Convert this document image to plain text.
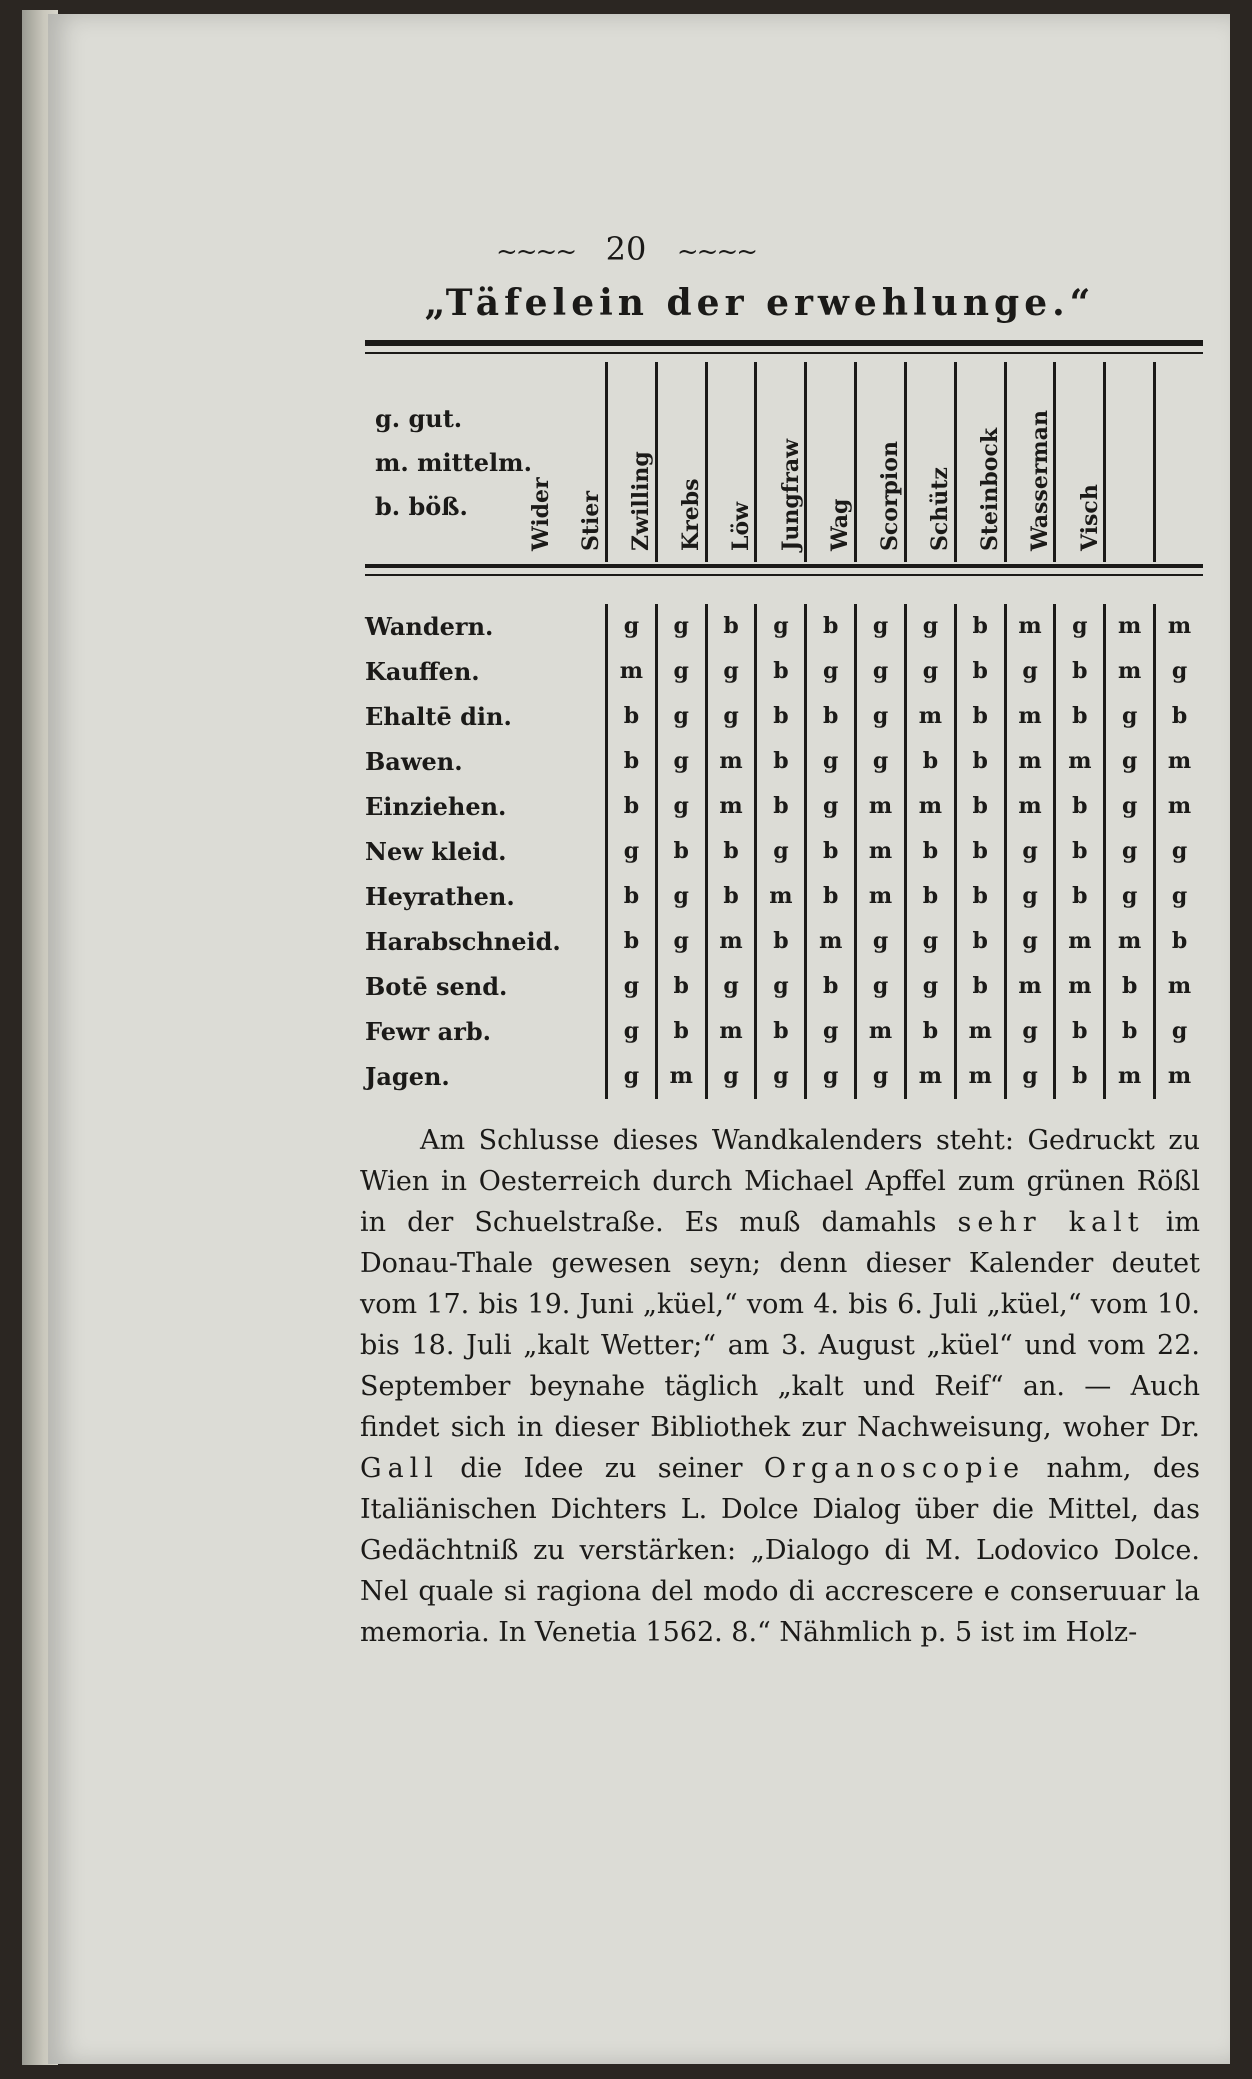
~~~~ 20 ~~~~
„Täfelein der erwehlunge.“
g. gut.
m. mittelm.
b. böß.	Wider Stier Zwilling Krebs Löw Jungfraw Wag Scorpion Schütz Steinbock Wasserman Visch
Wandern.	g	g	b	g	b	g	g	b	m	g	m	m
Kauffen.	m	g	g	b	g	g	g	b	g	b	m	g
Ehaltē din.	b	g	g	b	b	g	m	b	m	b	g	b
Bawen.	b	g	m	b	g	g	b	b	m	m	g	m
Einziehen.	b	g	m	b	g	m	m	b	m	b	g	m
New kleid.	g	b	b	g	b	m	b	b	g	b	g	g
Heyrathen.	b	g	b	m	b	m	b	b	g	b	g	g
Harabschneid.	b	g	m	b	m	g	g	b	g	m	m	b
Botē send.	g	b	g	g	b	g	g	b	m	m	b	m
Fewr arb.	g	b	m	b	g	m	b	m	g	b	b	g
Jagen.	g	m	g	g	g	g	m	m	g	b	m	m

Am Schlusse dieses Wandkalenders steht: Gedruckt zu Wien in Oesterreich durch Michael Apffel zum grünen Rößl in der Schuelstraße. Es muß damahls sehr kalt im Donau-Thale gewesen seyn; denn dieser Kalender deutet vom 17. bis 19. Juni „küel,“ vom 4. bis 6. Juli „küel,“ vom 10. bis 18. Juli „kalt Wetter;“ am 3. August „küel“ und vom 22. September beynahe täglich „kalt und Reif“ an. — Auch findet sich in dieser Bibliothek zur Nachweisung, woher Dr. Gall die Idee zu seiner Organoscopie nahm, des Italiänischen Dichters L. Dolce Dialog über die Mittel, das Gedächtniß zu verstärken: „Dialogo di M. Lodovico Dolce. Nel quale si ragiona del modo di accrescere e conseruuar la memoria. In Venetia 1562. 8.“ Nähmlich p. 5 ist im Holz-
